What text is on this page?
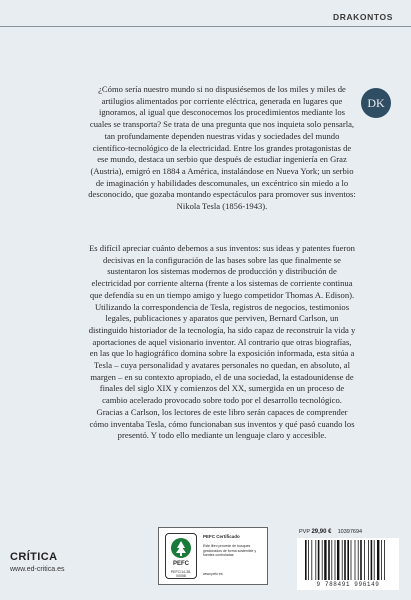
DRAKONTOS
DK

¿Cómo sería nuestro mundo si no dispusiésemos de los miles y miles de artilugios alimentados por corriente eléctrica, generada en lugares que ignoramos, al igual que desconocemos los procedimientos mediante los cuales se transporta? Se trata de una pregunta que nos inquieta solo pensarla, tan profundamente dependen nuestras vidas y sociedades del mundo científico-tecnológico de la electricidad. Entre los grandes protagonistas de ese mundo, destaca un serbio que después de estudiar ingeniería en Graz (Austria), emigró en 1884 a América, instalándose en Nueva York; un serbio de imaginación y habilidades descomunales, un excéntrico sin miedo a lo desconocido, que gozaba montando espectáculos para promover sus inventos: Nikola Tesla (1856-1943).

Es difícil apreciar cuánto debemos a sus inventos: sus ideas y patentes fueron decisivas en la configuración de las bases sobre las que finalmente se sustentaron los sistemas modernos de producción y distribución de electricidad por corriente alterna (frente a los sistemas de corriente continua que defendía su en un tiempo amigo y luego competidor Thomas A. Edison). Utilizando la correspondencia de Tesla, registros de negocios, testimonios legales, publicaciones y aparatos que perviven, Bernard Carlson, un distinguido historiador de la tecnología, ha sido capaz de reconstruir la vida y aportaciones de aquel visionario inventor. Al contrario que otras biografías, en las que lo hagiográfico domina sobre la exposición informada, esta sitúa a Tesla – cuya personalidad y avatares personales no quedan, en absoluto, al margen – en su contexto apropiado, el de una sociedad, la estadounidense de finales del siglo XIX y comienzos del XX, sumergida en un proceso de cambio acelerado provocado sobre todo por el desarrollo tecnológico. Gracias a Carlson, los lectores de este libro serán capaces de comprender cómo inventaba Tesla, cómo funcionaban sus inventos y qué pasó cuando los presentó. Y todo ello mediante un lenguaje claro y accesible.

CRÍTICA
www.ed-critica.es
PEFC
PEFC/14-38-00058
PEFC Certificado
Este libro procede de bosques gestionados de forma sostenible y fuentes controladas
www.pefc.es
PVP 29,90 € 10397694
9 788491 996149
